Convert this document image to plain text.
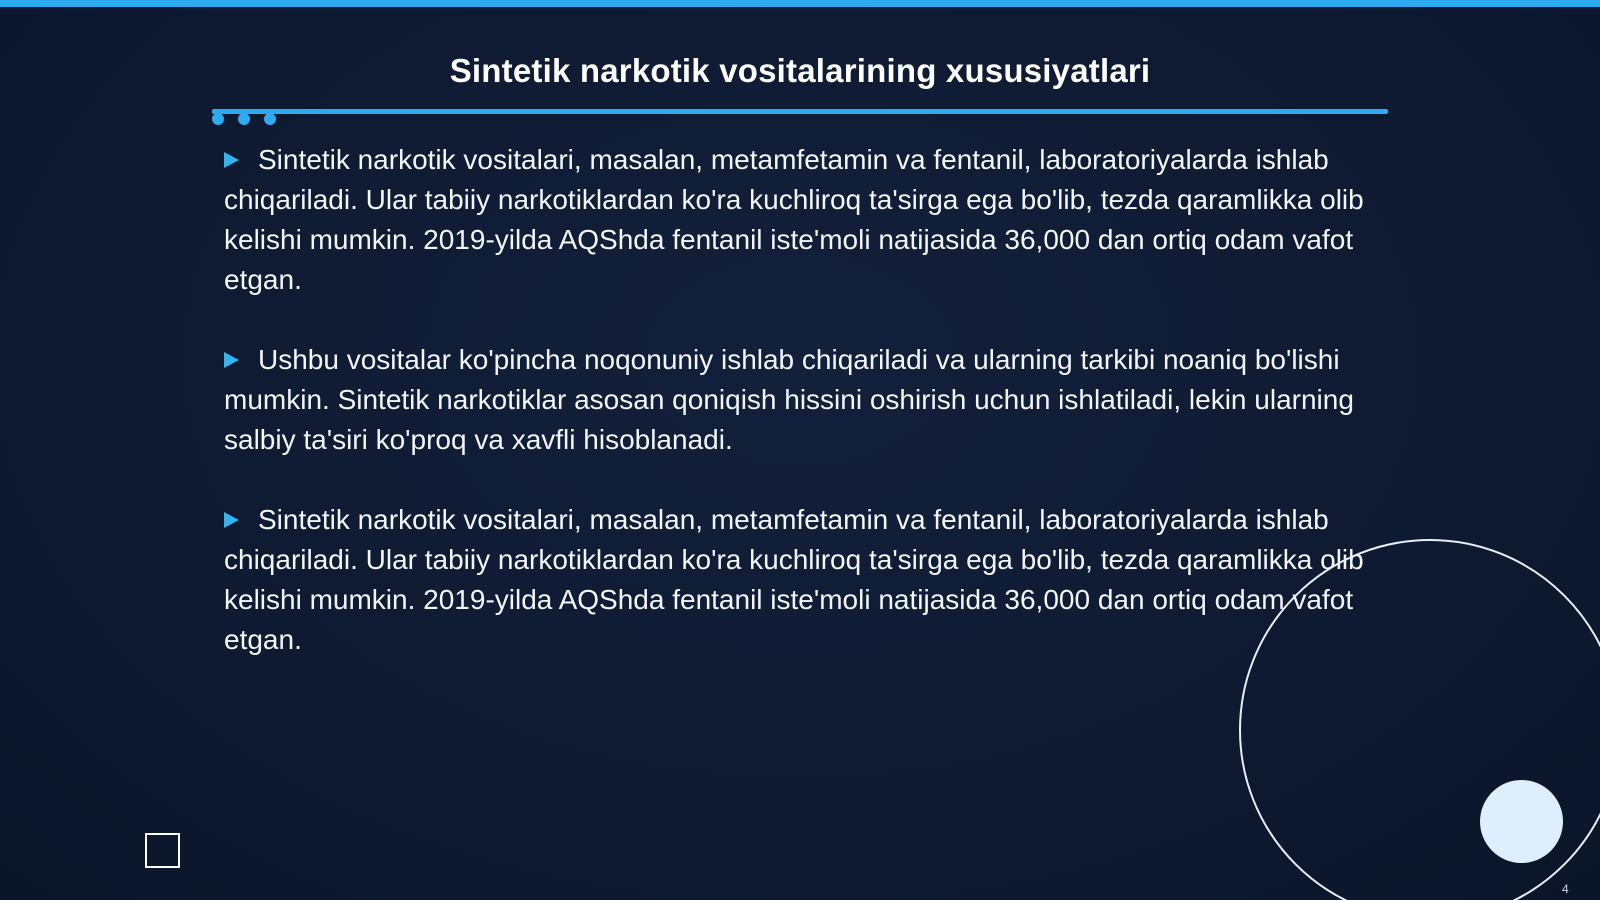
Sintetik narkotik vositalarining xususiyatlari

Sintetik narkotik vositalari, masalan, metamfetamin va fentanil, laboratoriyalarda ishlab chiqariladi. Ular tabiiy narkotiklardan ko'ra kuchliroq ta'sirga ega bo'lib, tezda qaramlikka olib kelishi mumkin. 2019-yilda AQShda fentanil iste'moli natijasida 36,000 dan ortiq odam vafot etgan.

Ushbu vositalar ko'pincha noqonuniy ishlab chiqariladi va ularning tarkibi noaniq bo'lishi mumkin. Sintetik narkotiklar asosan qoniqish hissini oshirish uchun ishlatiladi, lekin ularning salbiy ta'siri ko'proq va xavfli hisoblanadi.

Sintetik narkotik vositalari, masalan, metamfetamin va fentanil, laboratoriyalarda ishlab chiqariladi. Ular tabiiy narkotiklardan ko'ra kuchliroq ta'sirga ega bo'lib, tezda qaramlikka olib kelishi mumkin. 2019-yilda AQShda fentanil iste'moli natijasida 36,000 dan ortiq odam vafot etgan.

4
